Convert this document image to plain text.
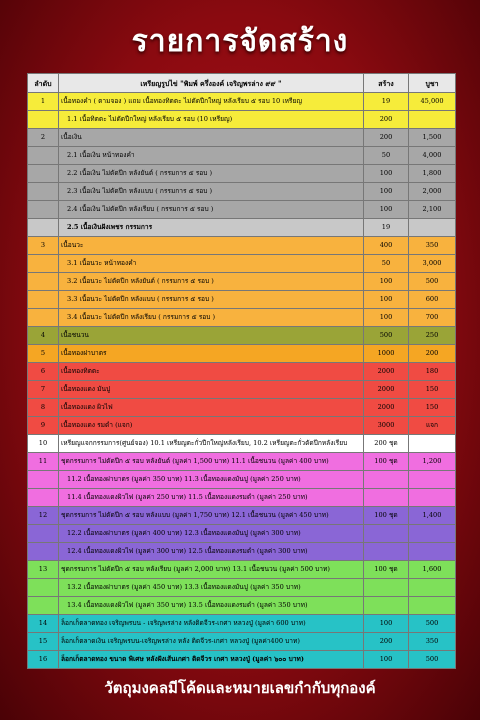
รายการจัดสร้าง
ลำดับ	เหรียญรูปไข่ "พิมพ์ ครึ่งองค์ เจริญพรล่าง ๙๙ "	สร้าง	บูชา
1	เนื้อทองคำ ( ตามจอง ) แถม เนื้อทองทิตตะ ไม่ตัดปีกใหญ่ หลังเรียบ ๕ รอบ 10 เหรียญ	19	45,000
	1.1 เนื้อทิตตะ ไม่ตัดปีกใหญ่ หลังเรียบ ๕ รอบ (10 เหรียญ)	200	
2	เนื้อเงิน	200	1,500
	2.1 เนื้อเงิน หน้าทองคำ	50	4,000
	2.2 เนื้อเงิน ไม่ตัดปีก หลังยันต์ ( กรรมการ ๕ รอบ )	100	1,800
	2.3 เนื้อเงิน ไม่ตัดปีก หลังแบบ ( กรรมการ ๕ รอบ )	100	2,000
	2.4 เนื้อเงิน ไม่ตัดปีก หลังเรียบ ( กรรมการ ๕ รอบ )	100	2,100
	2.5 เนื้อเงินฝังเพชร กรรมการ	19	
3	เนื้อนวะ	400	350
	3.1 เนื้อนวะ หน้าทองคำ	50	3,000
	3.2 เนื้อนวะ ไม่ตัดปีก หลังยันต์ ( กรรมการ ๕ รอบ )	100	500
	3.3 เนื้อนวะ ไม่ตัดปีก หลังแบบ ( กรรมการ ๕ รอบ )	100	600
	3.4 เนื้อนวะ ไม่ตัดปีก หลังเรียบ ( กรรมการ ๕ รอบ )	100	700
4	เนื้อชนวน	500	250
5	เนื้อทองฝาบาตร	1000	200
6	เนื้อทองทิตตะ	2000	180
7	เนื้อทองแดง มันปู	2000	150
8	เนื้อทองแดง ผิวไฟ	2000	150
9	เนื้อทองแดง รมดำ (แจก)	3000	แจก
10	เหรียญแจกกรรมการ(ศูนย์จอง) 10.1 เหรียญตะกั่วปีกใหญ่หลังเรียบ, 10.2 เหรียญตะกั่วตัดปีกหลังเรียบ	200 ชุด	
11	ชุดกรรมการ ไม่ตัดปีก ๕ รอบ หลังยันต์ (มูลค่า 1,500 บาท) 11.1 เนื้อชนวน (มูลค่า 400 บาท)	100 ชุด	1,200
	11.2 เนื้อทองฝาบาตร (มูลค่า 350 บาท) 11.3 เนื้อทองแดงมันปู (มูลค่า 250 บาท)		
	11.4 เนื้อทองแดงผิวไฟ (มูลค่า 250 บาท) 11.5 เนื้อทองแดงรมดำ (มูลค่า 250 บาท)		
12	ชุดกรรมการ ไม่ตัดปีก ๕ รอบ หลังแบบ (มูลค่า 1,750 บาท) 12.1 เนื้อชนวน (มูลค่า 450 บาท)	100 ชุด	1,400
	12.2 เนื้อทองฝาบาตร (มูลค่า 400 บาท) 12.3 เนื้อทองแดงมันปู (มูลค่า 300 บาท)		
	12.4 เนื้อทองแดงผิวไฟ (มูลค่า 300 บาท) 12.5 เนื้อทองแดงรมดำ (มูลค่า 300 บาท)		
13	ชุดกรรมการ ไม่ตัดปีก ๕ รอบ หลังเรียบ (มูลค่า 2,000 บาท) 13.1 เนื้อชนวน (มูลค่า 500 บาท)	100 ชุด	1,600
	13.2 เนื้อทองฝาบาตร (มูลค่า 450 บาท) 13.3 เนื้อทองแดงมันปู (มูลค่า 350 บาท)		
	13.4 เนื้อทองแดงผิวไฟ (มูลค่า 350 บาท) 13.5 เนื้อทองแดงรมดำ (มูลค่า 350 บาท)		
14	ล็อกเก็ตลาดทอง เจริญพรบน - เจริญพรล่าง หลังติดจีวร-เกศา หลวงปู่ (มูลค่า 600 บาท)	100	500
15	ล็อกเก็ตลาดเงิน เจริญพรบน-เจริญพรล่าง หลัง ติดจีวร-เกศา หลวงปู่ (มูลค่า400 บาท)	200	350
16	ล็อกเก็ตลาดทอง ขนาด พิเศษ หลังฝังเส้นเกศา ติดจีวร เกศา หลวงปู่ (มูลค่า ๖๐๐ บาท)	100	500
วัตถุมงคลมีโค้ดและหมายเลขกำกับทุกองค์
